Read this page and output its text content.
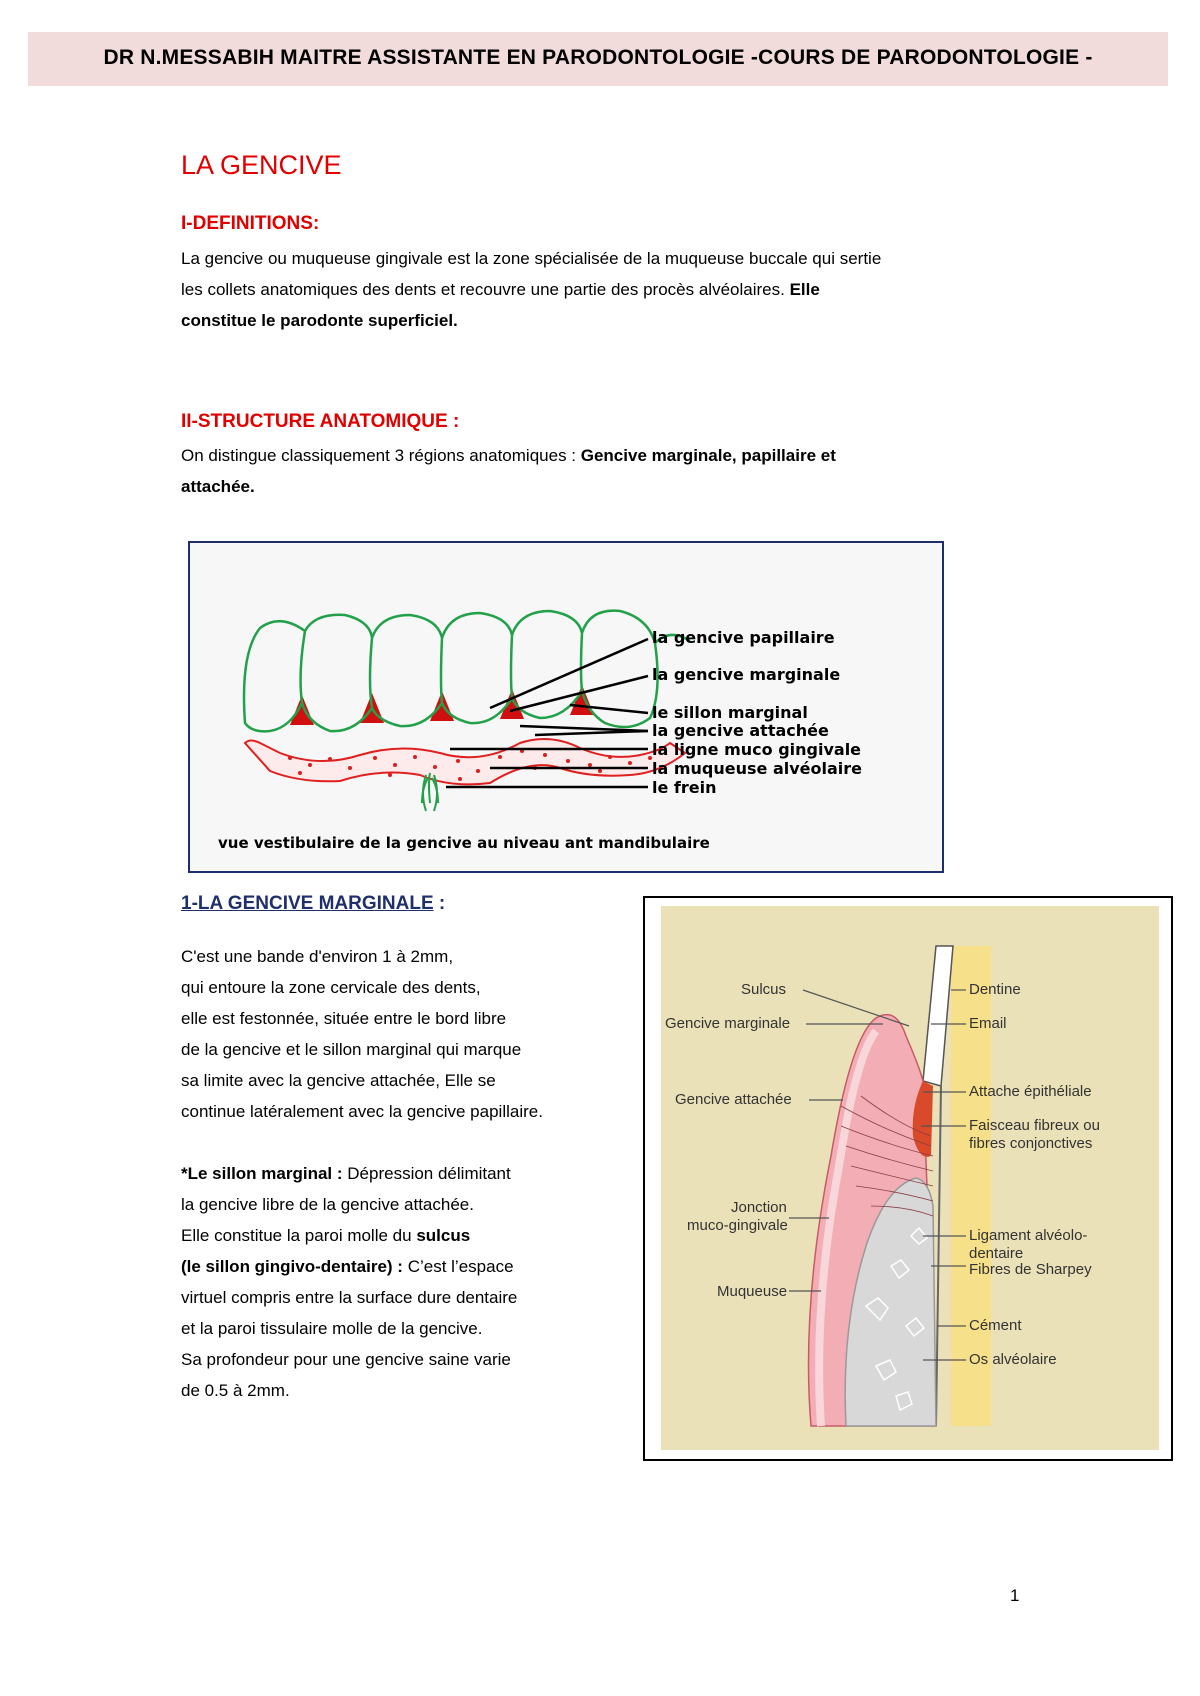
DR N.MESSABIH MAITRE ASSISTANTE EN PARODONTOLOGIE -COURS DE PARODONTOLOGIE -
LA GENCIVE
I-DEFINITIONS:
La gencive ou muqueuse gingivale est la zone spécialisée de la muqueuse buccale qui sertie
les collets anatomiques des dents et recouvre une partie des procès alvéolaires. Elle
constitue le parodonte superficiel.
II-STRUCTURE ANATOMIQUE :
On distingue classiquement 3 régions anatomiques : Gencive marginale, papillaire et
attachée.
la gencive papillaire
la gencive marginale
le sillon marginal
la gencive attachée
la ligne muco gingivale
la muqueuse alvéolaire
le frein
vue vestibulaire de la gencive au niveau ant mandibulaire
1-LA GENCIVE MARGINALE :
C'est une bande d'environ 1 à 2mm,
qui entoure la zone cervicale des dents,
elle est festonnée, située entre le bord libre
de la gencive et le sillon marginal qui marque
sa limite avec la gencive attachée, Elle se
continue latéralement avec la gencive papillaire.

*Le sillon marginal : Dépression délimitant
la gencive libre de la gencive attachée.
Elle constitue la paroi molle du sulcus
(le sillon gingivo-dentaire) : C’est l’espace
virtuel compris entre la surface dure dentaire
et la paroi tissulaire molle de la gencive.
Sa profondeur pour une gencive saine varie
de 0.5 à 2mm.
Sulcus
Gencive marginale
Gencive attachée
Jonction
muco-gingivale
Muqueuse
Dentine
Email
Attache épithéliale
Faisceau fibreux ou
fibres conjonctives
Ligament alvéolo-
dentaire
Fibres de Sharpey
Cément
Os alvéolaire
1
